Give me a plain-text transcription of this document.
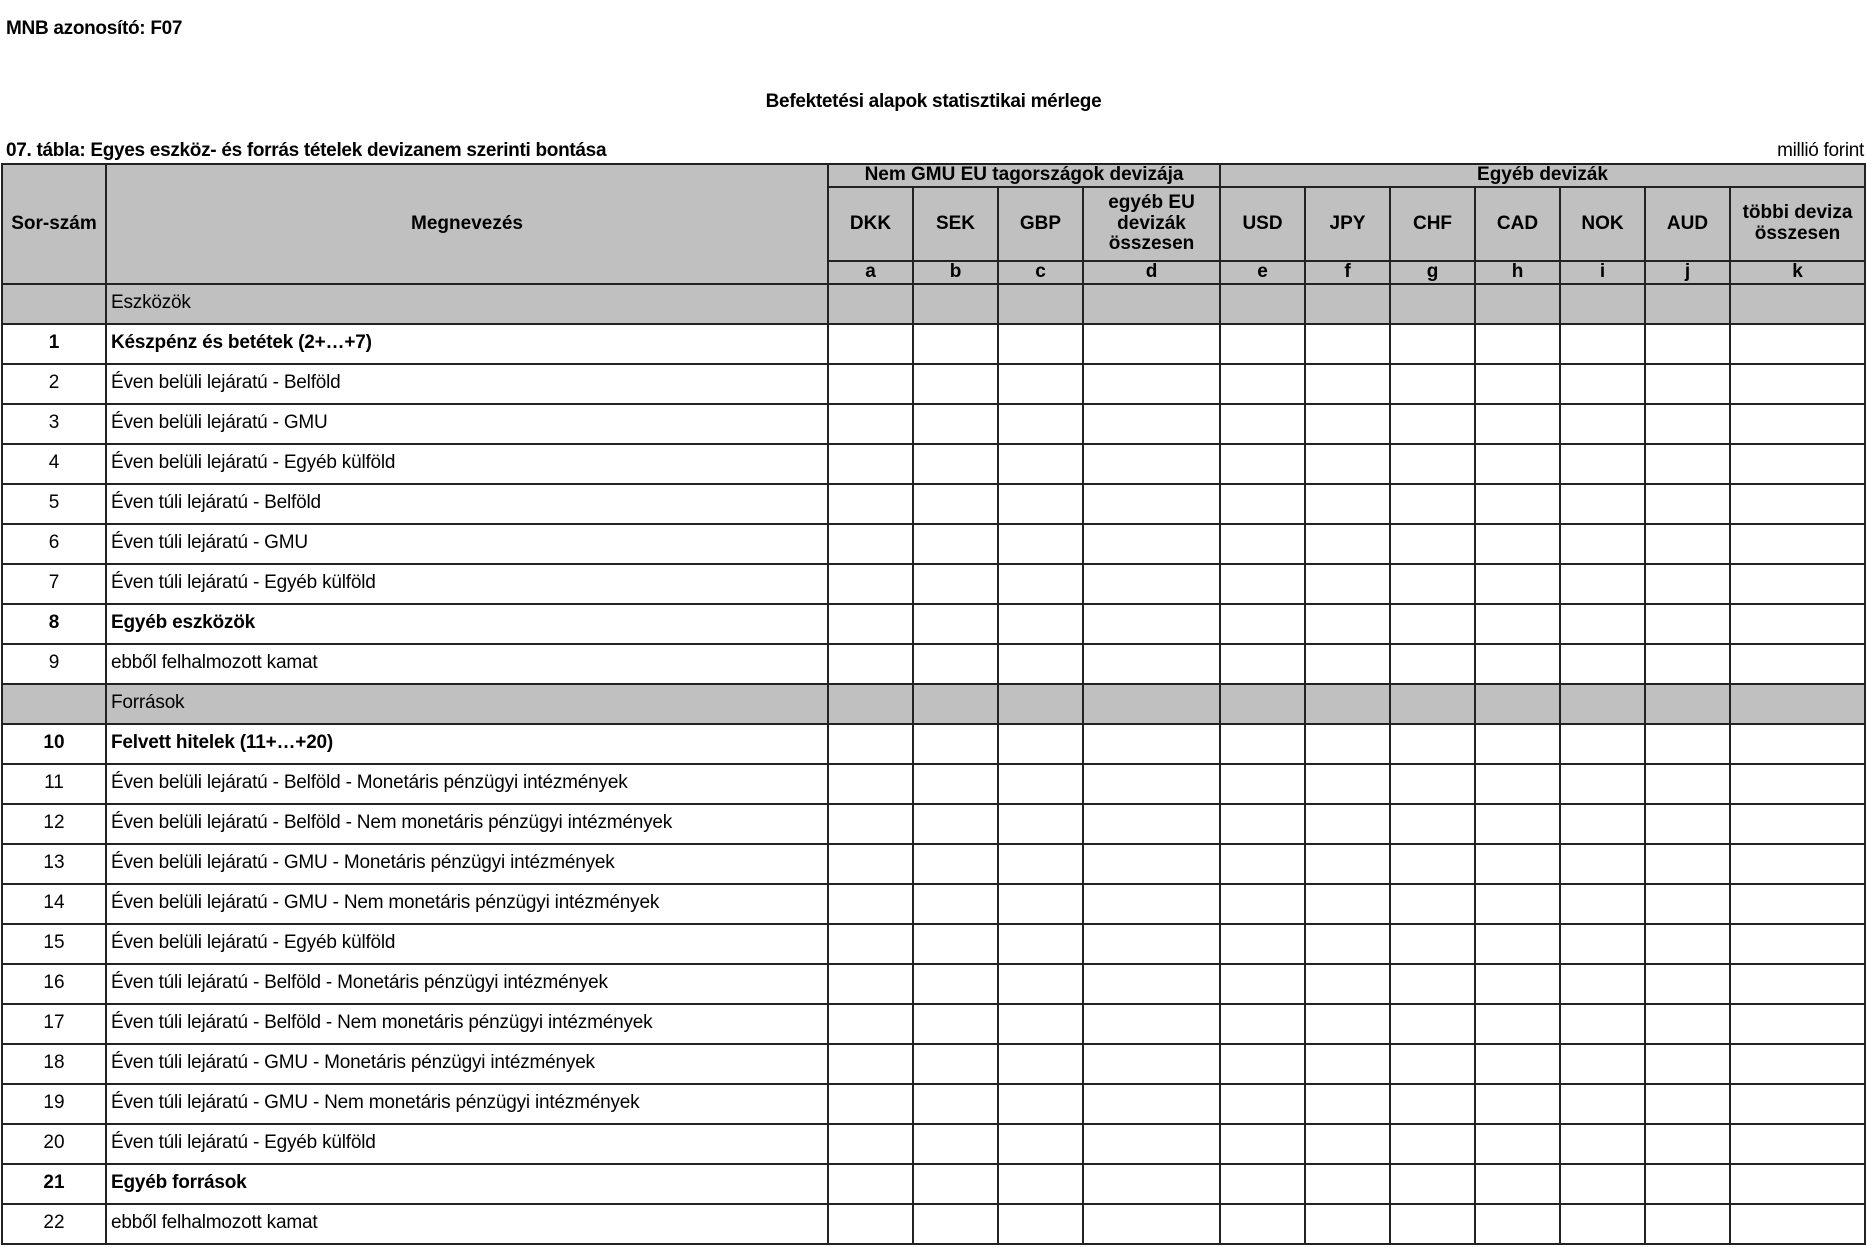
MNB azonosító: F07
Befektetési alapok statisztikai mérlege
07. tábla: Egyes eszköz- és forrás tételek devizanem szerinti bontása	millió forint
Sor-szám	Megnevezés	Nem GMU EU tagországok devizája				Egyéb devizák						
		DKK	SEK	GBP	egyéb EU devizák összesen	USD	JPY	CHF	CAD	NOK	AUD	többi deviza összesen
		a	b	c	d	e	f	g	h	i	j	k
	Eszközök											
1	Készpénz és betétek (2+…+7)											
2	Éven belüli lejáratú - Belföld											
3	Éven belüli lejáratú - GMU											
4	Éven belüli lejáratú - Egyéb külföld											
5	Éven túli lejáratú - Belföld											
6	Éven túli lejáratú - GMU											
7	Éven túli lejáratú - Egyéb külföld											
8	Egyéb eszközök											
9	ebből felhalmozott kamat											
	Források											
10	Felvett hitelek (11+…+20)											
11	Éven belüli lejáratú - Belföld - Monetáris pénzügyi intézmények											
12	Éven belüli lejáratú - Belföld - Nem monetáris pénzügyi intézmények											
13	Éven belüli lejáratú - GMU - Monetáris pénzügyi intézmények											
14	Éven belüli lejáratú - GMU - Nem monetáris pénzügyi intézmények											
15	Éven belüli lejáratú - Egyéb külföld											
16	Éven túli lejáratú - Belföld - Monetáris pénzügyi intézmények											
17	Éven túli lejáratú - Belföld - Nem monetáris pénzügyi intézmények											
18	Éven túli lejáratú - GMU - Monetáris pénzügyi intézmények											
19	Éven túli lejáratú - GMU - Nem monetáris pénzügyi intézmények											
20	Éven túli lejáratú - Egyéb külföld											
21	Egyéb források											
22	ebből felhalmozott kamat											
